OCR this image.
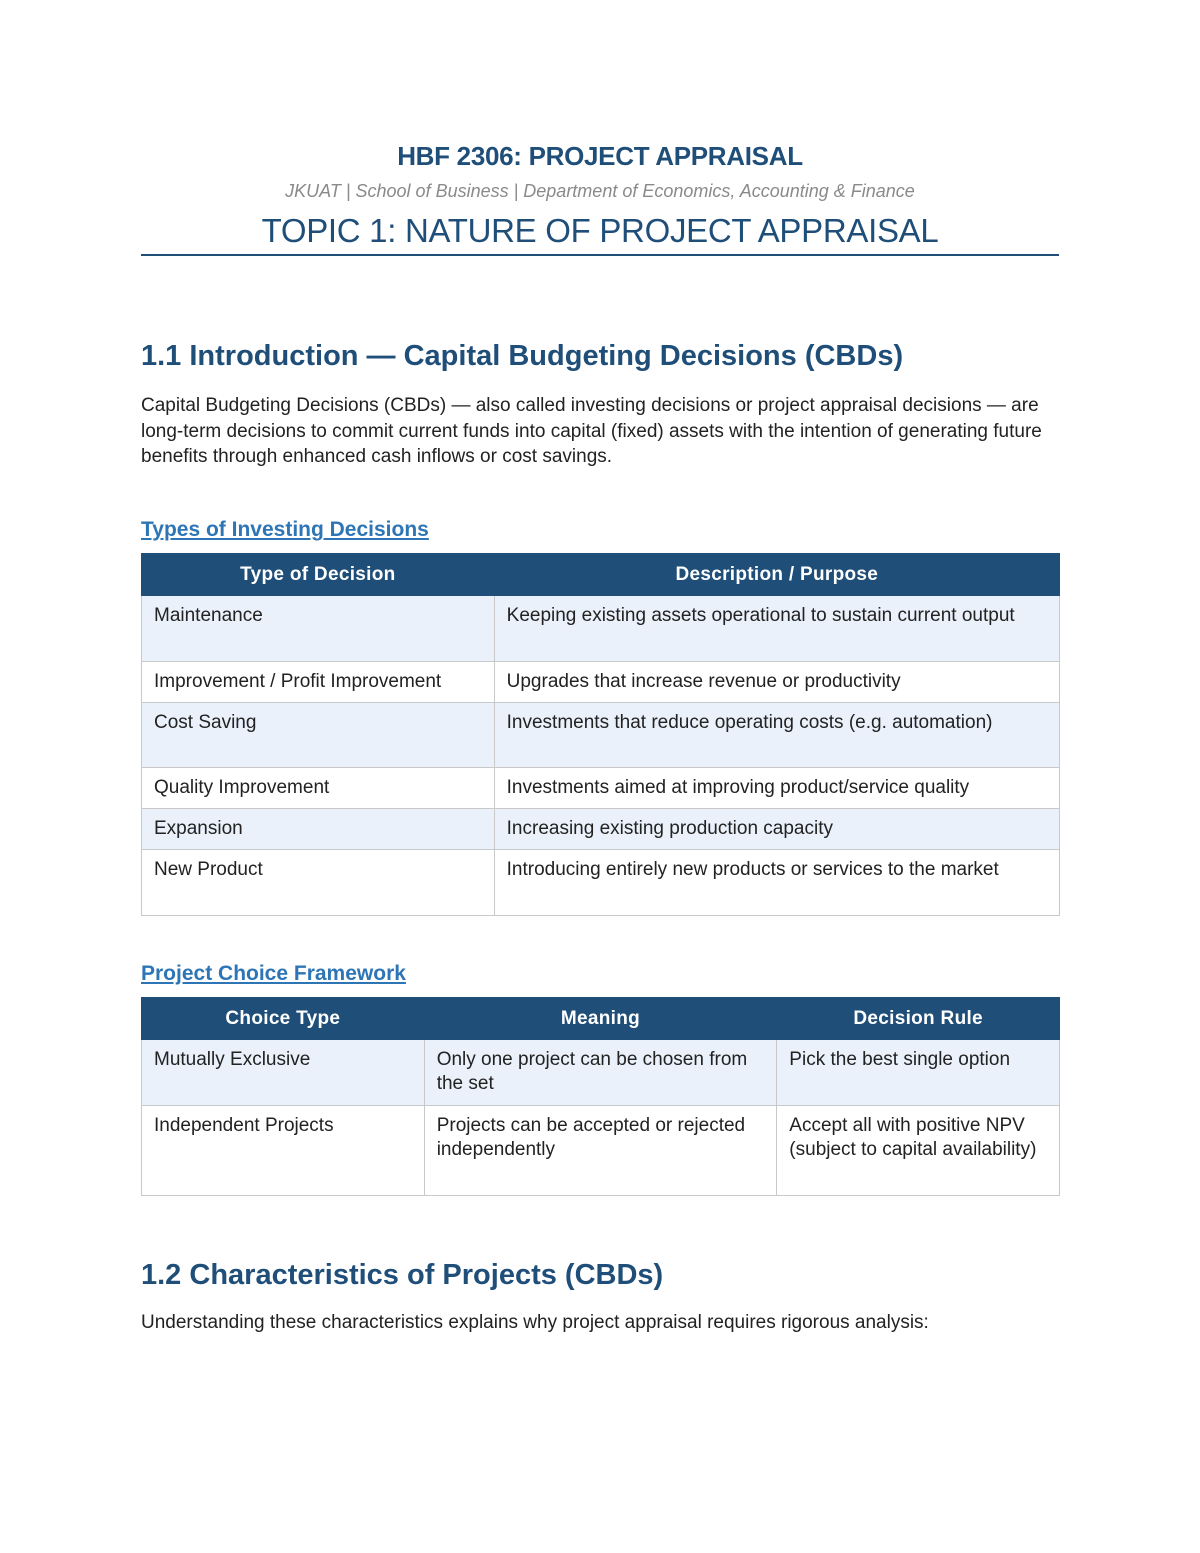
HBF 2306: PROJECT APPRAISAL
JKUAT | School of Business | Department of Economics, Accounting & Finance
TOPIC 1: NATURE OF PROJECT APPRAISAL
1.1 Introduction — Capital Budgeting Decisions (CBDs)
Capital Budgeting Decisions (CBDs) — also called investing decisions or project appraisal decisions — are long-term decisions to commit current funds into capital (fixed) assets with the intention of generating future benefits through enhanced cash inflows or cost savings.
Types of Investing Decisions
Type of Decision	Description / Purpose
Maintenance	Keeping existing assets operational to sustain current output
Improvement / Profit Improvement	Upgrades that increase revenue or productivity
Cost Saving	Investments that reduce operating costs (e.g. automation)
Quality Improvement	Investments aimed at improving product/service quality
Expansion	Increasing existing production capacity
New Product	Introducing entirely new products or services to the market
Project Choice Framework
Choice Type	Meaning	Decision Rule
Mutually Exclusive	Only one project can be chosen from the set	Pick the best single option
Independent Projects	Projects can be accepted or rejected independently	Accept all with positive NPV (subject to capital availability)
1.2 Characteristics of Projects (CBDs)
Understanding these characteristics explains why project appraisal requires rigorous analysis:
